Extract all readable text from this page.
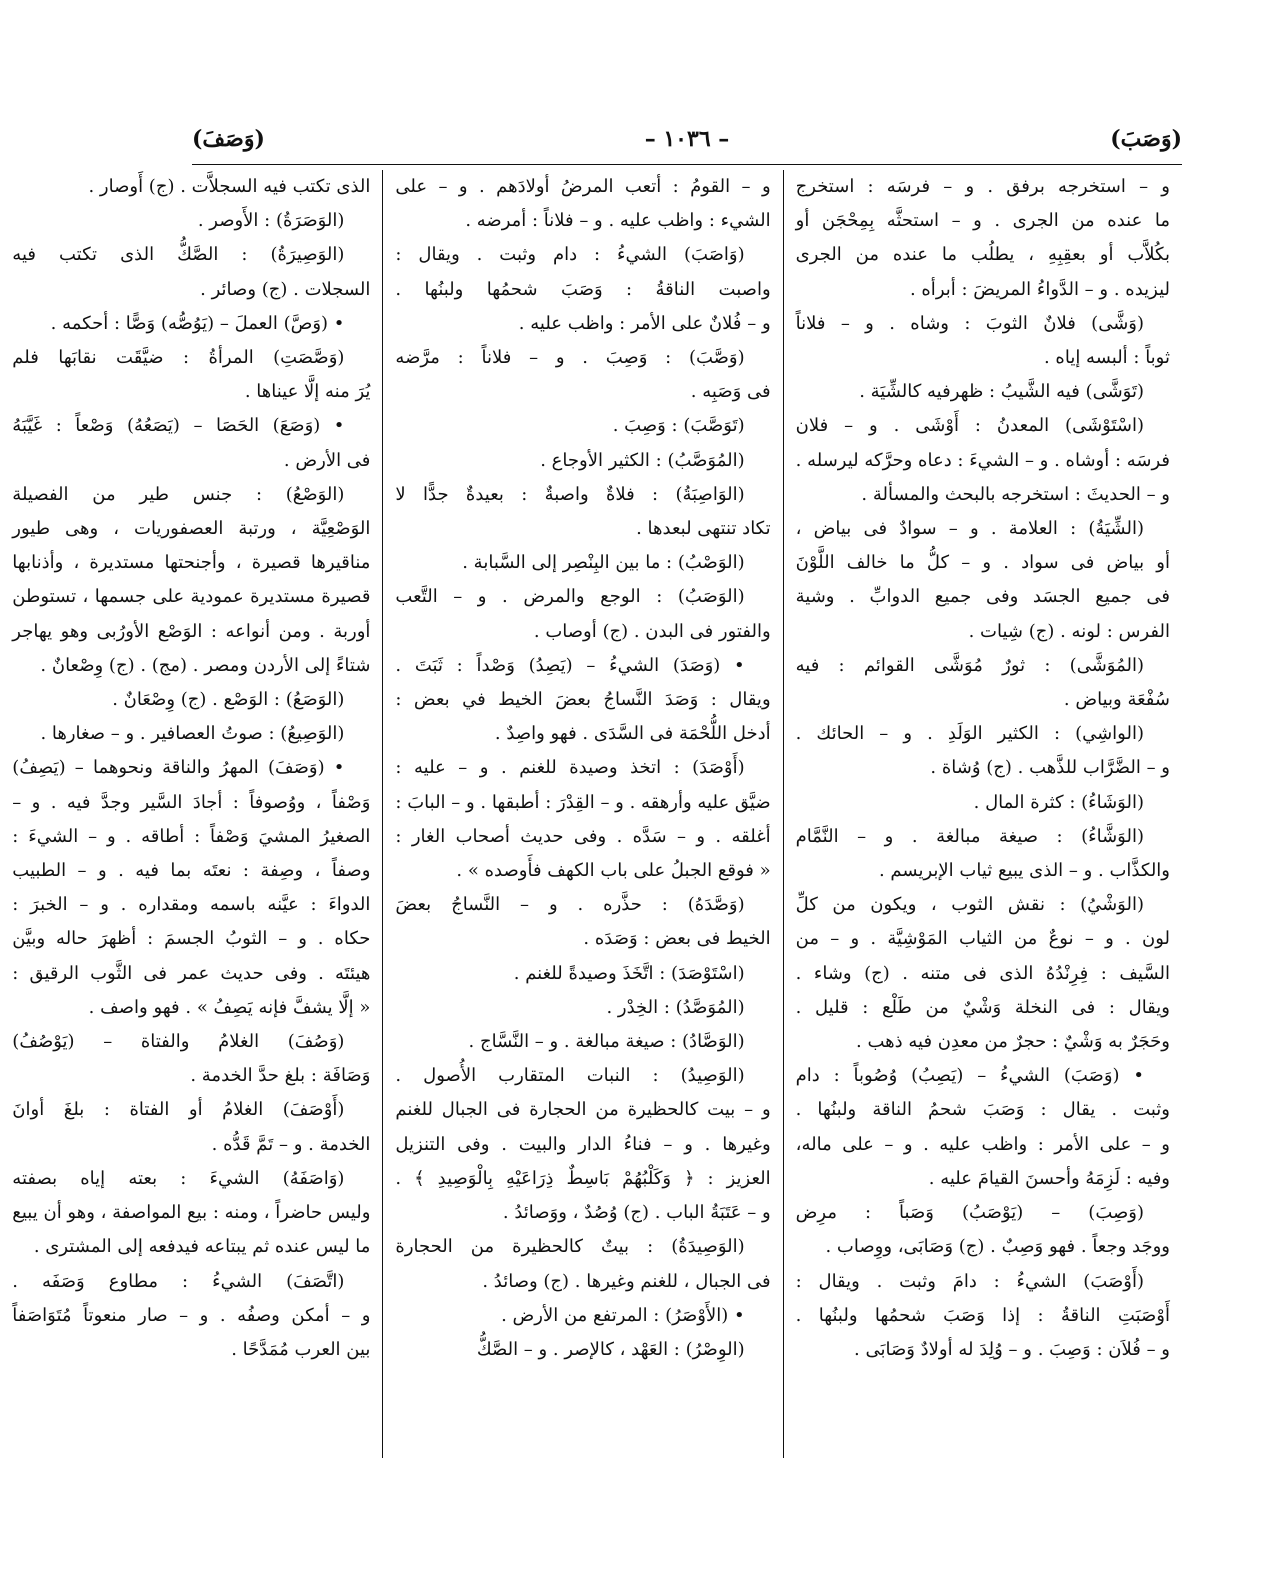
(وَصَبَ)
– ١٠٣٦ –
(وَصَفَ)
و – استخرجه برفق . و – فرسَه : استخرج
ما عنده من الجرى . و – استحثَّه بِمِحْجَن أو
بكُلاَّب أو بعقِبِهِ ، يطلُب ما عنده من الجرى
ليزيده . و – الدَّواءُ المريضَ : أبرأه .
(وَشَّى) فلانٌ الثوبَ : وشاه . و – فلاناً
ثوباً : ألبسه إياه .
(تَوَشَّى) فيه الشَّيبُ : ظهرفيه كالشِّيَة .
(اسْتَوْشَى) المعدنُ : أَوْشَى . و – فلان
فرسَه : أوشاه . و – الشيءَ : دعاه وحرَّكه ليرسله .
و – الحديثَ : استخرجه بالبحث والمسألة .
(الشِّيَةُ) : العلامة . و – سوادٌ فى بياض ،
أو بياض فى سواد . و – كلُّ ما خالف اللَّوْنَ
فى جميع الجسَد وفى جميع الدوابِّ . وشية
الفرس : لونه . (ج) شِيات .
(المُوَشَّى) : ثورٌ مُوَشَّى القوائم : فيه
سُفْعَة وبياض .
(الواشِي) : الكثير الوَلَدِ . و – الحائك .
و – الضَّرَّاب للذَّهب . (ج) وُشاة .
(الوَشَاءُ) : كثرة المال .
(الوَشَّاءُ) : صيغة مبالغة . و – النَّمَّام
والكذَّاب . و – الذى يبيع ثياب الإبريسم .
(الوَشْيُ) : نقش الثوب ، ويكون من كلِّ
لون . و – نوعٌ من الثياب المَوْشِيَّة . و – من
السَّيف : فِرِنْدُهُ الذى فى متنه . (ج) وشاء .
ويقال : فى النخلة وَشْيٌ من طَلْع : قليل .
وحَجَرٌ به وَشْيٌ : حجرٌ من معدِن فيه ذهب .
• (وَصَبَ) الشيءُ – (يَصِبُ) وُصُوباً : دام
وثبت . يقال : وَصَبَ شحمُ الناقة ولبنُها .
و – على الأمر : واظب عليه . و – على ماله،
وفيه : لَزِمَهُ وأحسنَ القيامَ عليه .
(وَصِبَ) – (يَوْصَبُ) وَصَباً : مرِض
ووجَد وجعاً . فهو وَصِبٌ . (ج) وَصَابَى، ووِصاب .
(أَوْصَبَ) الشيءُ : دامَ وثبت . ويقال :
أَوْصَبَتِ الناقةُ : إذا وَصَبَ شحمُها ولبنُها .
و – فُلاَن : وَصِبَ . و – وُلِدَ له أولادٌ وَصَابَى .
و – القومُ : أتعب المرضُ أولادَهم . و – على
الشيء : واظب عليه . و – فلاناً : أمرضه .
(وَاصَبَ) الشيءُ : دام وثبت . ويقال :
واصبت الناقةُ : وَصَبَ شحمُها ولبنُها .
و – فُلانٌ على الأمر : واظب عليه .
(وَصَّبَ) : وَصِبَ . و – فلاناً : مرَّضه
فى وَصَبِه .
(تَوَصَّبَ) : وَصِبَ .
(المُوَصَّبُ) : الكثير الأوجاع .
(الوَاصِبَةُ) : فلاةٌ واصبةٌ : بعيدةٌ جدًّا لا
تكاد تنتهى لبعدها .
(الوَصْبُ) : ما بين البِنْصِر إلى السَّبابة .
(الوَصَبُ) : الوجع والمرض . و – التَّعب
والفتور فى البدن . (ج) أوصاب .
• (وَصَدَ) الشيءُ – (يَصِدُ) وَصْداً : ثَبَتَ .
ويقال : وَصَدَ النَّساجُ بعضَ الخيط في بعض :
أدخل اللُّحْمَة فى السَّدَى . فهو واصِدٌ .
(أَوْصَدَ) : اتخذ وصيدة للغنم . و – عليه :
ضيَّق عليه وأرهقه . و – القِدْرَ : أطبقها . و – البابَ :
أغلقه . و – سَدَّه . وفى حديث أصحاب الغار :
« فوقع الجبلُ على باب الكهف فأَوصده » .
(وَصَّدَهُ) : حذَّره . و – النَّساجُ بعضَ
الخيط فى بعض : وَصَدَه .
(اسْتَوْصَدَ) : اتَّخَذَ وصيدةً للغنم .
(المُوَصَّدُ) : الخِدْر .
(الوَصَّادُ) : صيغة مبالغة . و – النَّسَّاج .
(الوَصِيدُ) : النبات المتقارب الأُصول .
و – بيت كالحظيرة من الحجارة فى الجبال للغنم
وغيرها . و – فناءُ الدار والبيت . وفى التنزيل
العزيز : ﴿ وَكَلْبُهُمْ بَاسِطٌ ذِرَاعَيْهِ بِالْوَصِيدِ ﴾ .
و – عَتَبَةُ الباب . (ج) وُصُدٌ ، ووَصائدُ .
(الوَصِيدَةُ) : بيتٌ كالحظيرة من الحجارة
فى الجبال ، للغنم وغيرها . (ج) وصائدُ .
• (الأَوْصَرُ) : المرتفع من الأرض .
(الوِصْرُ) : العَهْد ، كالإصر . و – الصَّكُّ
الذى تكتب فيه السجلاَّت . (ج) أَوصار .
(الوَصَرَةُ) : الأَوصر .
(الوَصِيرَةُ) : الصَّكُّ الذى تكتب فيه
السجلات . (ج) وصائر .
• (وَصَّ) العملَ – (يَوُصُّه) وَصًّا : أحكمه .
(وَصَّصَتِ) المرأةُ : ضيَّقَت نقابَها فلم
يُرَ منه إلَّا عيناها .
• (وَصَعَ) الحَصَا – (يَصَعُهُ) وَصْعاً : غَيَّبَهُ
فى الأرض .
(الوَصْعُ) : جنس طير من الفصيلة
الوَصْعِيَّة ، ورتبة العصفوريات ، وهى طيور
مناقيرها قصيرة ، وأجنحتها مستديرة ، وأذنابها
قصيرة مستديرة عمودية على جسمها ، تستوطن
أوربة . ومن أنواعه : الوَصْع الأورُبى وهو يهاجر
شتاءً إلى الأردن ومصر . (مج) . (ج) وِصْعانٌ .
(الوَصَعُ) : الوَصْع . (ج) وِصْعَانٌ .
(الوَصِيعُ) : صوتُ العصافير . و – صغارها .
• (وَصَفَ) المهرُ والناقة ونحوهما – (يَصِفُ)
وَصْفاً ، ووُصوفاً : أجادَ السَّير وجدَّ فيه . و –
الصغيرُ المشيَ وَصْفاً : أطاقه . و – الشيءَ :
وصفاً ، وصِفة : نعتَه بما فيه . و – الطبيب
الدواءَ : عيَّنه باسمه ومقداره . و – الخبرَ :
حكاه . و – الثوبُ الجسمَ : أظهرَ حاله وبيَّن
هيئتَه . وفى حديث عمر فى الثَّوب الرقيق :
« إلَّا يشفَّ فإنه يَصِفُ » . فهو واصف .
(وَصُفَ) الغلامُ والفتاة – (يَوْصُفُ)
وَصَافَة : بلغ حدَّ الخدمة .
(أَوْصَفَ) الغلامُ أو الفتاة : بلغَ أوانَ
الخدمة . و – تَمَّ قَدُّه .
(وَاصَفَهُ) الشيءَ : بعته إياه بصفته
وليس حاضراً ، ومنه : بيع المواصفة ، وهو أن يبيع
ما ليس عنده ثم يبتاعه فيدفعه إلى المشترى .
(اتَّصَفَ) الشيءُ : مطاوع وَصَفَه .
و – أمكن وصفُه . و – صار منعوتاً مُتَوَاصَفاً
بين العرب مُمَدَّحًا .
